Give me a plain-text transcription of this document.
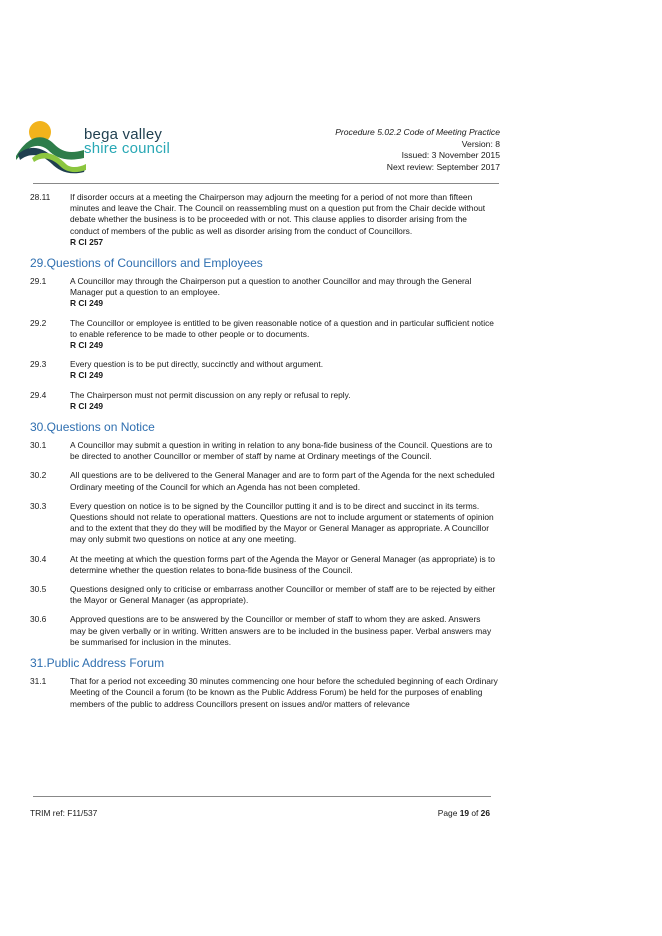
bega valley
shire council
Procedure 5.02.2 Code of Meeting Practice
Version: 8
Issued: 3 November 2015
Next review: September 2017
28.11	If disorder occurs at a meeting the Chairperson may adjourn the meeting for a period of not more than fifteen minutes and leave the Chair. The Council on reassembling must on a question put from the Chair decide without debate whether the business is to be proceeded with or not. This clause applies to disorder arising from the conduct of members of the public as well as disorder arising from the conduct of Councillors.
R Cl 257
29.Questions of Councillors and Employees
29.1	A Councillor may through the Chairperson put a question to another Councillor and may through the General Manager put a question to an employee.
R Cl 249
29.2	The Councillor or employee is entitled to be given reasonable notice of a question and in particular sufficient notice to enable reference to be made to other people or to documents.
R Cl 249
29.3	Every question is to be put directly, succinctly and without argument.
R Cl 249
29.4	The Chairperson must not permit discussion on any reply or refusal to reply.
R Cl 249
30.Questions on Notice
30.1	A Councillor may submit a question in writing in relation to any bona-fide business of the Council. Questions are to be directed to another Councillor or member of staff by name at Ordinary meetings of the Council.
30.2	All questions are to be delivered to the General Manager and are to form part of the Agenda for the next scheduled Ordinary meeting of the Council for which an Agenda has not been completed.
30.3	Every question on notice is to be signed by the Councillor putting it and is to be direct and succinct in its terms. Questions should not relate to operational matters. Questions are not to include argument or statements of opinion and to the extent that they do they will be modified by the Mayor or General Manager as appropriate. A Councillor may only submit two questions on notice at any one meeting.
30.4	At the meeting at which the question forms part of the Agenda the Mayor or General Manager (as appropriate) is to determine whether the question relates to bona-fide business of the Council.
30.5	Questions designed only to criticise or embarrass another Councillor or member of staff are to be rejected by either the Mayor or General Manager (as appropriate).
30.6	Approved questions are to be answered by the Councillor or member of staff to whom they are asked. Answers may be given verbally or in writing. Written answers are to be included in the business paper. Verbal answers may be summarised for inclusion in the minutes.
31.Public Address Forum
31.1	That for a period not exceeding 30 minutes commencing one hour before the scheduled beginning of each Ordinary Meeting of the Council a forum (to be known as the Public Address Forum) be held for the purposes of enabling members of the public to address Councillors present on issues and/or matters of relevance
TRIM ref: F11/537	Page 19 of 26
